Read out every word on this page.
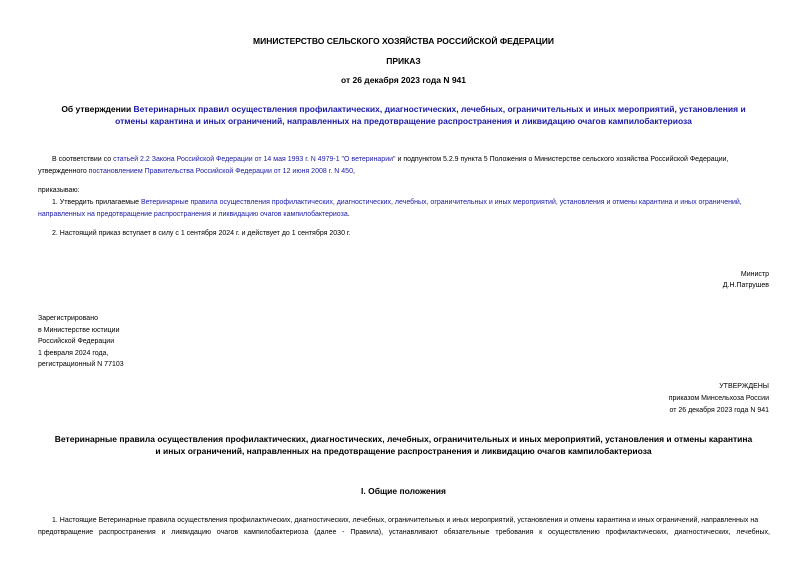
МИНИСТЕРСТВО СЕЛЬСКОГО ХОЗЯЙСТВА РОССИЙСКОЙ ФЕДЕРАЦИИ
ПРИКАЗ
от 26 декабря 2023 года N 941
Об утверждении Ветеринарных правил осуществления профилактических, диагностических, лечебных, ограничительных и иных мероприятий, установления и
отмены карантина и иных ограничений, направленных на предотвращение распространения и ликвидацию очагов кампилобактериоза
В соответствии со статьей 2.2 Закона Российской Федерации от 14 мая 1993 г. N 4979-1 "О ветеринарии" и подпунктом 5.2.9 пункта 5 Положения о Министерстве сельского хозяйства Российской Федерации,
утвержденного постановлением Правительства Российской Федерации от 12 июня 2008 г. N 450,
приказываю:
1. Утвердить прилагаемые Ветеринарные правила осуществления профилактических, диагностических, лечебных, ограничительных и иных мероприятий, установления и отмены карантина и иных ограничений,
направленных на предотвращение распространения и ликвидацию очагов кампилобактериоза.
2. Настоящий приказ вступает в силу с 1 сентября 2024 г. и действует до 1 сентября 2030 г.
Министр
Д.Н.Патрушев
Зарегистрировано
в Министерстве юстиции
Российской Федерации
1 февраля 2024 года,
регистрационный N 77103
УТВЕРЖДЕНЫ
приказом Минсельхоза России
от 26 декабря 2023 года N 941
Ветеринарные правила осуществления профилактических, диагностических, лечебных, ограничительных и иных мероприятий, установления и отмены карантина
и иных ограничений, направленных на предотвращение распространения и ликвидацию очагов кампилобактериоза
I. Общие положения
1. Настоящие Ветеринарные правила осуществления профилактических, диагностических, лечебных, ограничительных и иных мероприятий, установления и отмены карантина и иных ограничений, направленных на
предотвращение распространения и ликвидацию очагов кампилобактериоза (далее - Правила), устанавливают обязательные требования к осуществлению профилактических, диагностических, лечебных,
